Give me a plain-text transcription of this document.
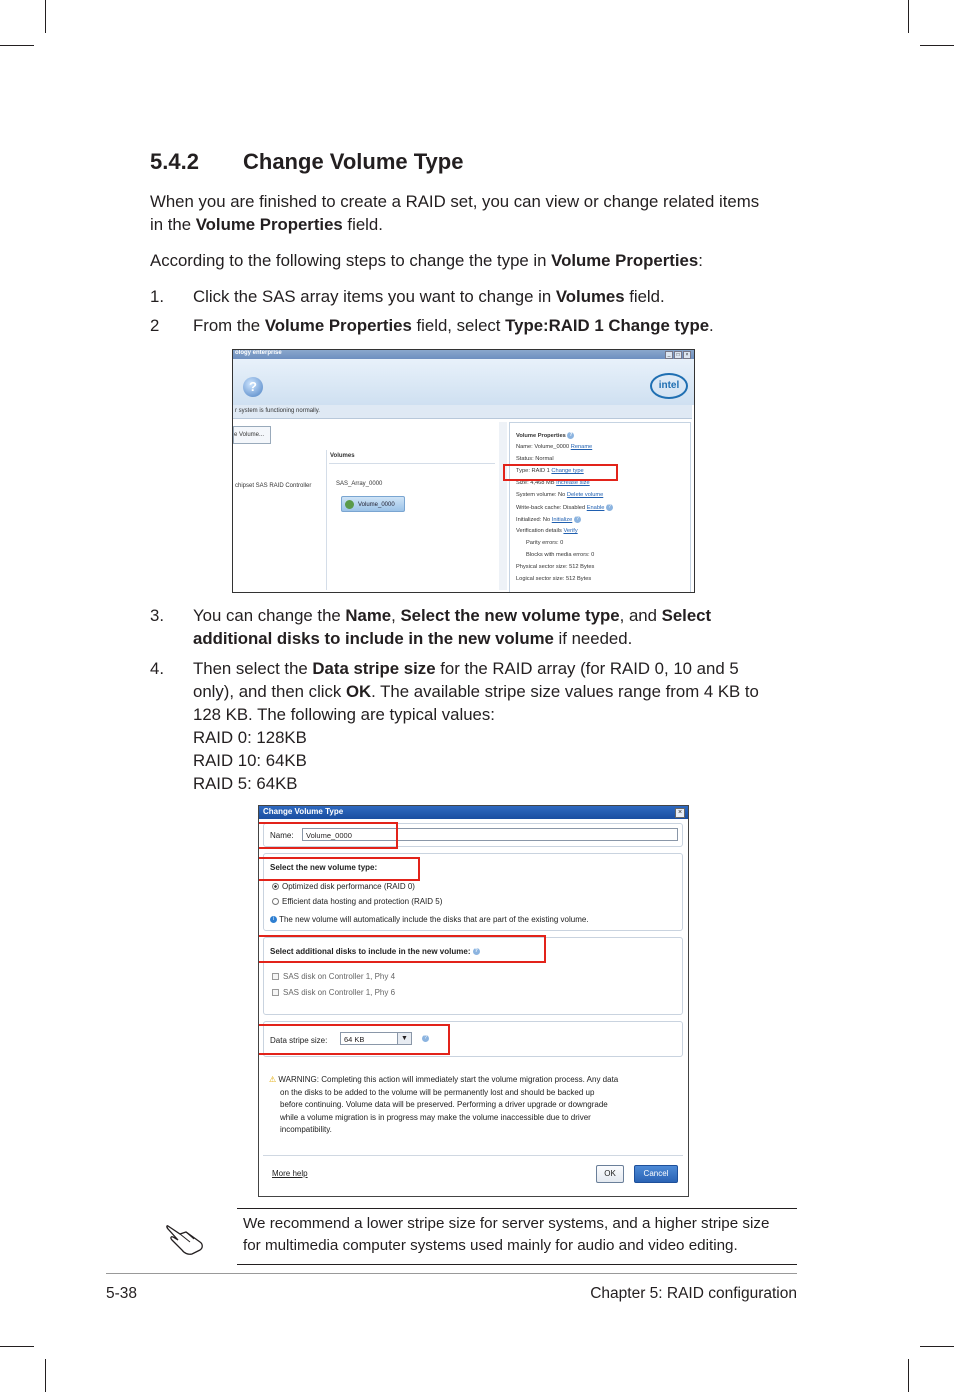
5.4.2 Change Volume Type
When you are finished to create a RAID set, you can view or change related items
in the Volume Properties field.
According to the following steps to change the type in Volume Properties:
1. Click the SAS array items you want to change in Volumes field.
2 From the Volume Properties field, select Type:RAID 1 Change type.
ology enterprise	_	□	×
?	intel
r system is functioning normally.
e Volume...
chipset SAS RAID Controller
Volumes
SAS_Array_0000
Volume_0000
Volume Properties ?
Name: Volume_0000 Rename
Status: Normal
Type: RAID 1 Change type
Size: 4,468 MB Increase size
System volume: No Delete volume
Write-back cache: Disabled Enable ?
Initialized: No Initialize ?
Verification details Verify
Parity errors: 0
Blocks with media errors: 0
Physical sector size: 512 Bytes
Logical sector size: 512 Bytes
3. You can change the Name, Select the new volume type, and Select
additional disks to include in the new volume if needed.
4. Then select the Data stripe size for the RAID array (for RAID 0, 10 and 5
only), and then click OK. The available stripe size values range from 4 KB to
128 KB. The following are typical values:
RAID 0: 128KB
RAID 10: 64KB
RAID 5: 64KB
Change Volume Type	×
Name:	Volume_0000
Select the new volume type:
Optimized disk performance (RAID 0)
Efficient data hosting and protection (RAID 5)
i The new volume will automatically include the disks that are part of the existing volume.
Select additional disks to include in the new volume: ?
SAS disk on Controller 1, Phy 4
SAS disk on Controller 1, Phy 6
Data stripe size:	64 KB	▼	?
⚠ WARNING: Completing this action will immediately start the volume migration process. Any data
on the disks to be added to the volume will be permanently lost and should be backed up
before continuing. Volume data will be preserved. Performing a driver upgrade or downgrade
while a volume migration is in progress may make the volume inaccessible due to driver
incompatibility.
More help	OK	Cancel
We recommend a lower stripe size for server systems, and a higher stripe size
for multimedia computer systems used mainly for audio and video editing.
5-38	Chapter 5: RAID configuration
